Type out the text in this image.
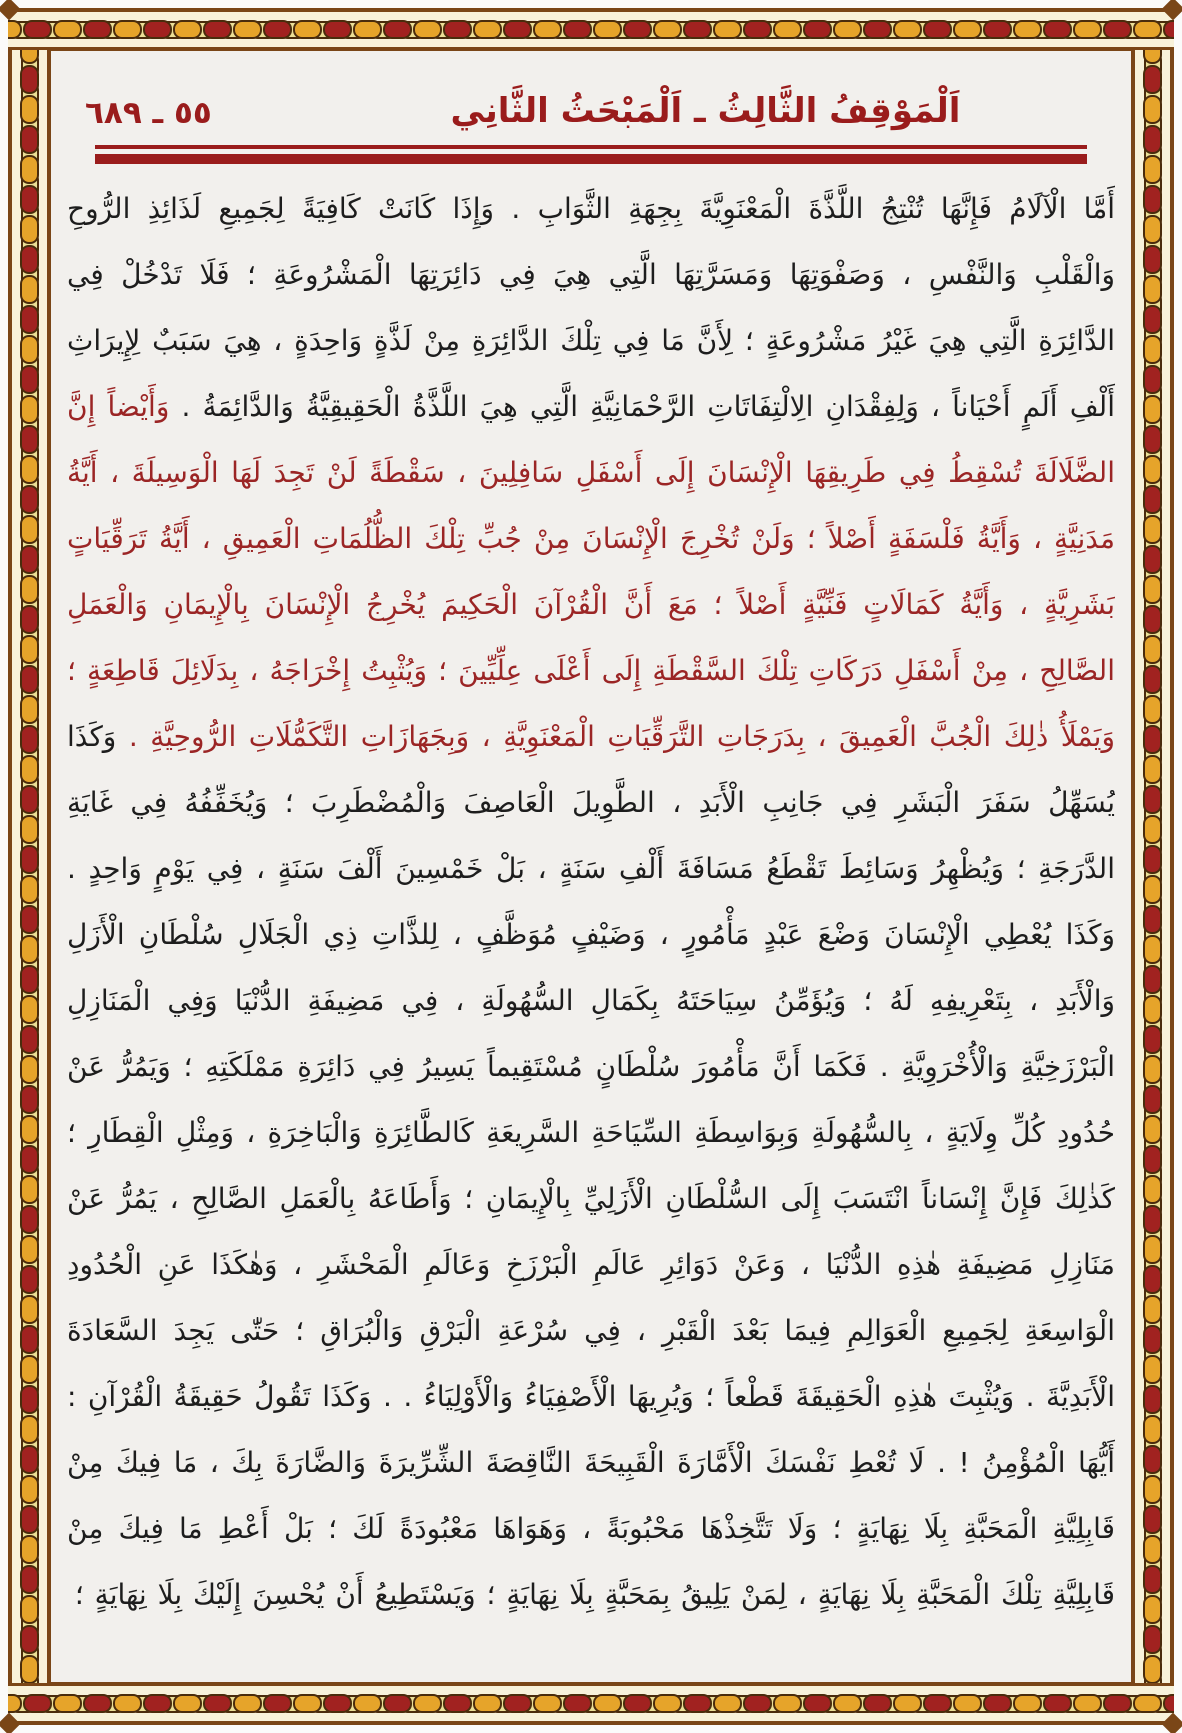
اَلْمَوْقِفُ الثَّالِثُ ـ اَلْمَبْحَثُ الثَّانِي
٥٥ ـ ٦٨٩
أَمَّا الْآلَامُ فَإِنَّهَا تُنْتِجُ اللَّذَّةَ الْمَعْنَوِيَّةَ بِجِهَةِ الثَّوَابِ . وَإِذَا كَانَتْ كَافِيَةً لِجَمِيعِ لَذَائِذِ الرُّوحِ وَالْقَلْبِ وَالنَّفْسِ ، وَصَفْوَتِهَا وَمَسَرَّتِهَا الَّتِي هِيَ فِي دَائِرَتِهَا الْمَشْرُوعَةِ ؛ فَلَا تَدْخُلْ فِي الدَّائِرَةِ الَّتِي هِيَ غَيْرُ مَشْرُوعَةٍ ؛ لِأَنَّ مَا فِي تِلْكَ الدَّائِرَةِ مِنْ لَذَّةٍ وَاحِدَةٍ ، هِيَ سَبَبٌ لِإِيرَاثِ أَلْفِ أَلَمٍ أَحْيَاناً ، وَلِفِقْدَانِ الِالْتِفَاتَاتِ الرَّحْمَانِيَّةِ الَّتِي هِيَ اللَّذَّةُ الْحَقِيقِيَّةُ وَالدَّائِمَةُ . وَأَيْضاً إِنَّ الضَّلَالَةَ تُسْقِطُ فِي طَرِيقِهَا الْإِنْسَانَ إِلَى أَسْفَلِ سَافِلِينَ ، سَقْطَةً لَنْ تَجِدَ لَهَا الْوَسِيلَةَ ، أَيَّةُ مَدَنِيَّةٍ ، وَأَيَّةُ فَلْسَفَةٍ أَصْلاً ؛ وَلَنْ تُخْرِجَ الْإِنْسَانَ مِنْ جُبِّ تِلْكَ الظُّلُمَاتِ الْعَمِيقِ ، أَيَّةُ تَرَقِّيَاتٍ بَشَرِيَّةٍ ، وَأَيَّةُ كَمَالَاتٍ فَنِّيَّةٍ أَصْلاً ؛ مَعَ أَنَّ الْقُرْآنَ الْحَكِيمَ يُخْرِجُ الْإِنْسَانَ بِالْإِيمَانِ وَالْعَمَلِ الصَّالِحِ ، مِنْ أَسْفَلِ دَرَكَاتِ تِلْكَ السَّقْطَةِ إِلَى أَعْلَى عِلِّيِّينَ ؛ وَيُثْبِتُ إِخْرَاجَهُ ، بِدَلَائِلَ قَاطِعَةٍ ؛ وَيَمْلَأُ ذٰلِكَ الْجُبَّ الْعَمِيقَ ، بِدَرَجَاتِ التَّرَقِّيَاتِ الْمَعْنَوِيَّةِ ، وَبِجَهَازَاتِ التَّكَمُّلَاتِ الرُّوحِيَّةِ . وَكَذَا يُسَهِّلُ سَفَرَ الْبَشَرِ فِي جَانِبِ الْأَبَدِ ، الطَّوِيلَ الْعَاصِفَ وَالْمُضْطَرِبَ ؛ وَيُخَفِّفُهُ فِي غَايَةِ الدَّرَجَةِ ؛ وَيُظْهِرُ وَسَائِطَ تَقْطَعُ مَسَافَةَ أَلْفِ سَنَةٍ ، بَلْ خَمْسِينَ أَلْفَ سَنَةٍ ، فِي يَوْمٍ وَاحِدٍ . وَكَذَا يُعْطِي الْإِنْسَانَ وَضْعَ عَبْدٍ مَأْمُورٍ ، وَضَيْفٍ مُوَظَّفٍ ، لِلذَّاتِ ذِي الْجَلَالِ سُلْطَانِ الْأَزَلِ وَالْأَبَدِ ، بِتَعْرِيفِهِ لَهُ ؛ وَيُؤَمِّنُ سِيَاحَتَهُ بِكَمَالِ السُّهُولَةِ ، فِي مَضِيفَةِ الدُّنْيَا وَفِي الْمَنَازِلِ الْبَرْزَخِيَّةِ وَالْأُخْرَوِيَّةِ . فَكَمَا أَنَّ مَأْمُورَ سُلْطَانٍ مُسْتَقِيماً يَسِيرُ فِي دَائِرَةِ مَمْلَكَتِهِ ؛ وَيَمُرُّ عَنْ حُدُودِ كُلِّ وِلَايَةٍ ، بِالسُّهُولَةِ وَبِوَاسِطَةِ السِّيَاحَةِ السَّرِيعَةِ كَالطَّائِرَةِ وَالْبَاخِرَةِ ، وَمِثْلِ الْقِطَارِ ؛ كَذٰلِكَ فَإِنَّ إِنْسَاناً انْتَسَبَ إِلَى السُّلْطَانِ الْأَزَلِيِّ بِالْإِيمَانِ ؛ وَأَطَاعَهُ بِالْعَمَلِ الصَّالِحِ ، يَمُرُّ عَنْ مَنَازِلِ مَضِيفَةِ هٰذِهِ الدُّنْيَا ، وَعَنْ دَوَائِرِ عَالَمِ الْبَرْزَخِ وَعَالَمِ الْمَحْشَرِ ، وَهٰكَذَا عَنِ الْحُدُودِ الْوَاسِعَةِ لِجَمِيعِ الْعَوَالِمِ فِيمَا بَعْدَ الْقَبْرِ ، فِي سُرْعَةِ الْبَرْقِ وَالْبُرَاقِ ؛ حَتّٰى يَجِدَ السَّعَادَةَ الْأَبَدِيَّةَ . وَيُثْبِتَ هٰذِهِ الْحَقِيقَةَ قَطْعاً ؛ وَيُرِيهَا الْأَصْفِيَاءُ وَالْأَوْلِيَاءُ . . وَكَذَا تَقُولُ حَقِيقَةُ الْقُرْآنِ : أَيُّهَا الْمُؤْمِنُ ! . لَا تُعْطِ نَفْسَكَ الْأَمَّارَةَ الْقَبِيحَةَ النَّاقِصَةَ الشِّرِّيرَةَ وَالضَّارَةَ بِكَ ، مَا فِيكَ مِنْ قَابِلِيَّةِ الْمَحَبَّةِ بِلَا نِهَايَةٍ ؛ وَلَا تَتَّخِذْهَا مَحْبُوبَةً ، وَهَوَاهَا مَعْبُودَةً لَكَ ؛ بَلْ أَعْطِ مَا فِيكَ مِنْ قَابِلِيَّةِ تِلْكَ الْمَحَبَّةِ بِلَا نِهَايَةٍ ، لِمَنْ يَلِيقُ بِمَحَبَّةٍ بِلَا نِهَايَةٍ ؛ وَيَسْتَطِيعُ أَنْ يُحْسِنَ إِلَيْكَ بِلَا نِهَايَةٍ ؛
